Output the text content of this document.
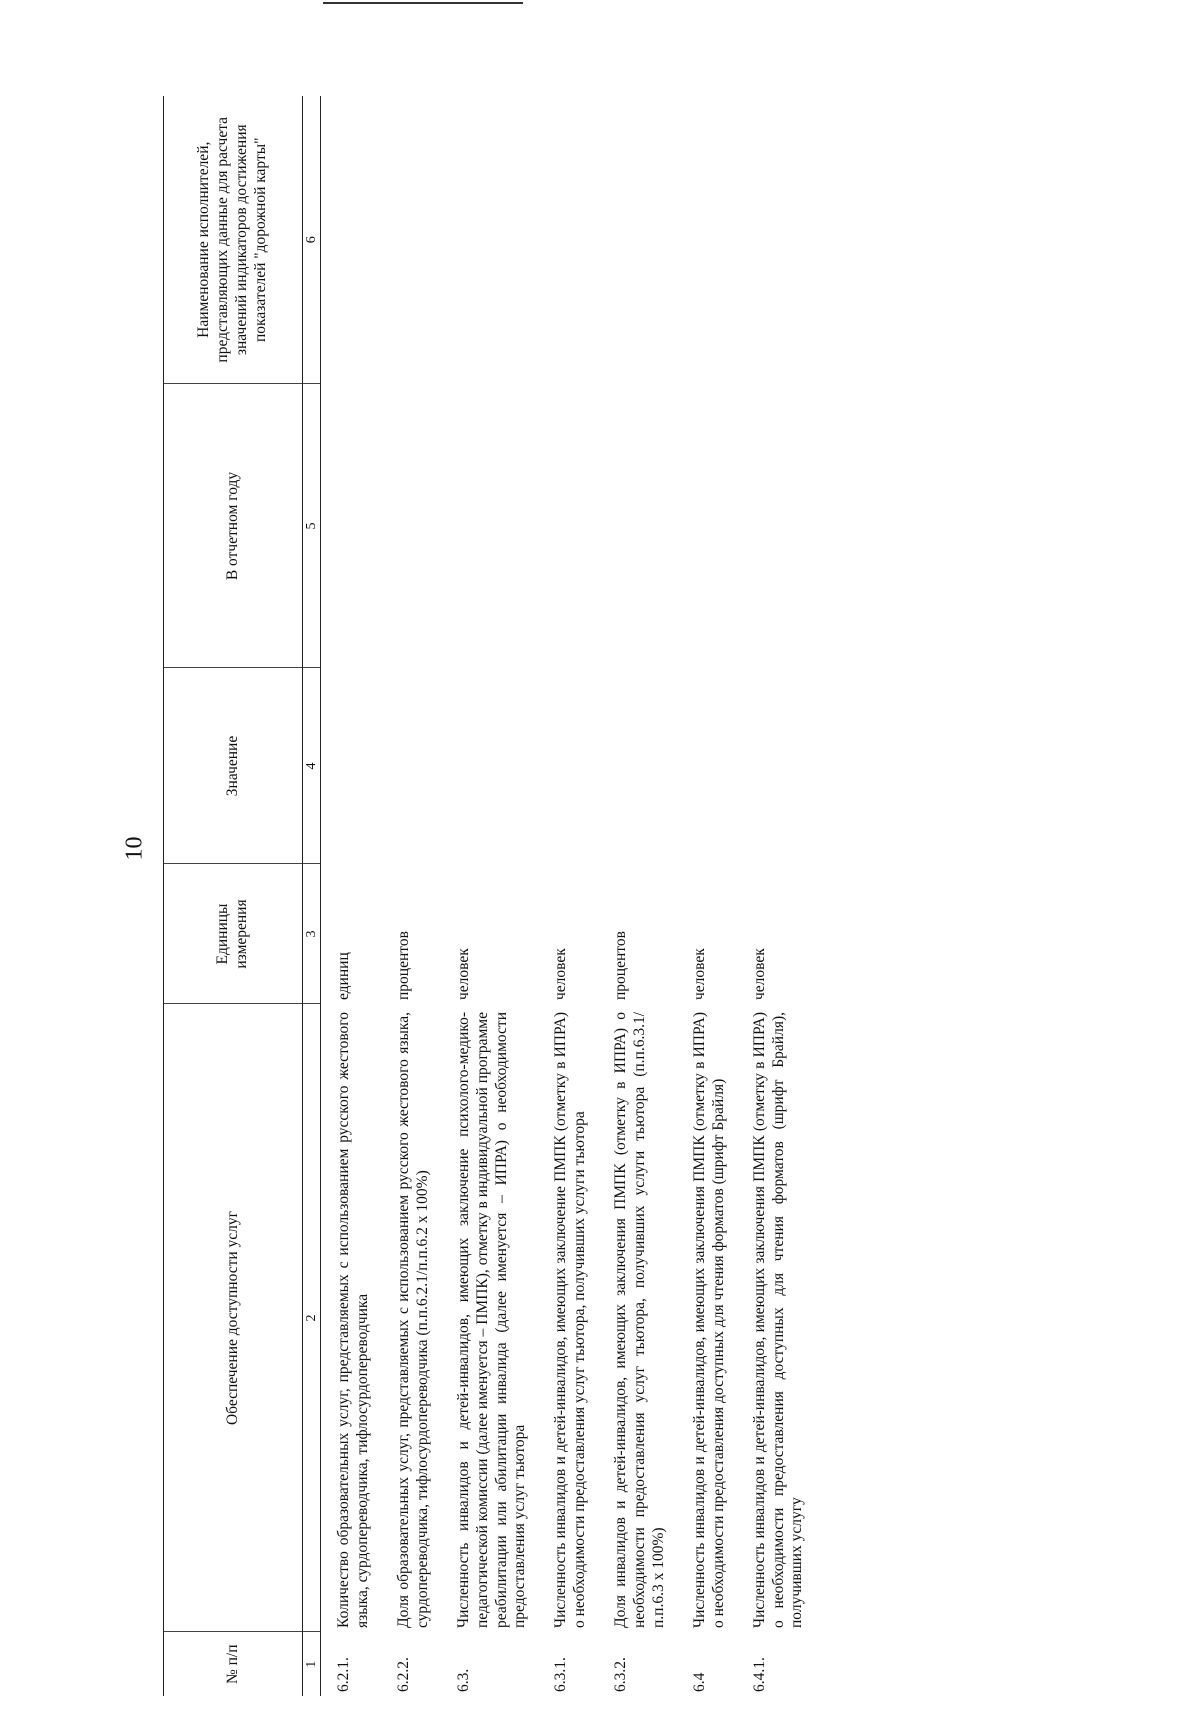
10
№ п/п	Обеспечение доступности услуг	Единицы измерения	Значение	В отчетном году	Наименование исполнителей, представляющих данные для расчета значений индикаторов достижения показателей "дорожной карты"
1	2	3	4	5	6
6.2.1.	Количество образовательных услуг, представляемых с использованием русского жестового языка, сурдопереводчика, тифлосурдопереводчика	единиц			
6.2.2.	Доля образовательных услуг, представляемых с использованием русского жестового языка, сурдопереводчика, тифлосурдопереводчика (п.п.6.2.1/п.п.6.2 х 100%)	процентов			
6.3.	Численность инвалидов и детей-инвалидов, имеющих заключение психолого-медико-педагогической комиссии (далее именуется – ПМПК), отметку в индивидуальной программе реабилитации или абилитации инвалида (далее именуется – ИПРА) о необходимости предоставления услуг тьютора	человек			
6.3.1.	Численность инвалидов и детей-инвалидов, имеющих заключение ПМПК (отметку в ИПРА) о необходимости предоставления услуг тьютора, получивших услуги тьютора	человек			
6.3.2.	Доля инвалидов и детей-инвалидов, имеющих заключения ПМПК (отметку в ИПРА) о необходимости предоставления услуг тьютора, получивших услуги тьютора (п.п.6.3.1/п.п.6.3 х 100%)	процентов			
6.4	Численность инвалидов и детей-инвалидов, имеющих заключения ПМПК (отметку в ИПРА) о необходимости предоставления доступных для чтения форматов (шрифт Брайля)	человек			
6.4.1.	Численность инвалидов и детей-инвалидов, имеющих заключения ПМПК (отметку в ИПРА) о необходимости предоставления доступных для чтения форматов (шрифт Брайля), получивших услугу	человек			
